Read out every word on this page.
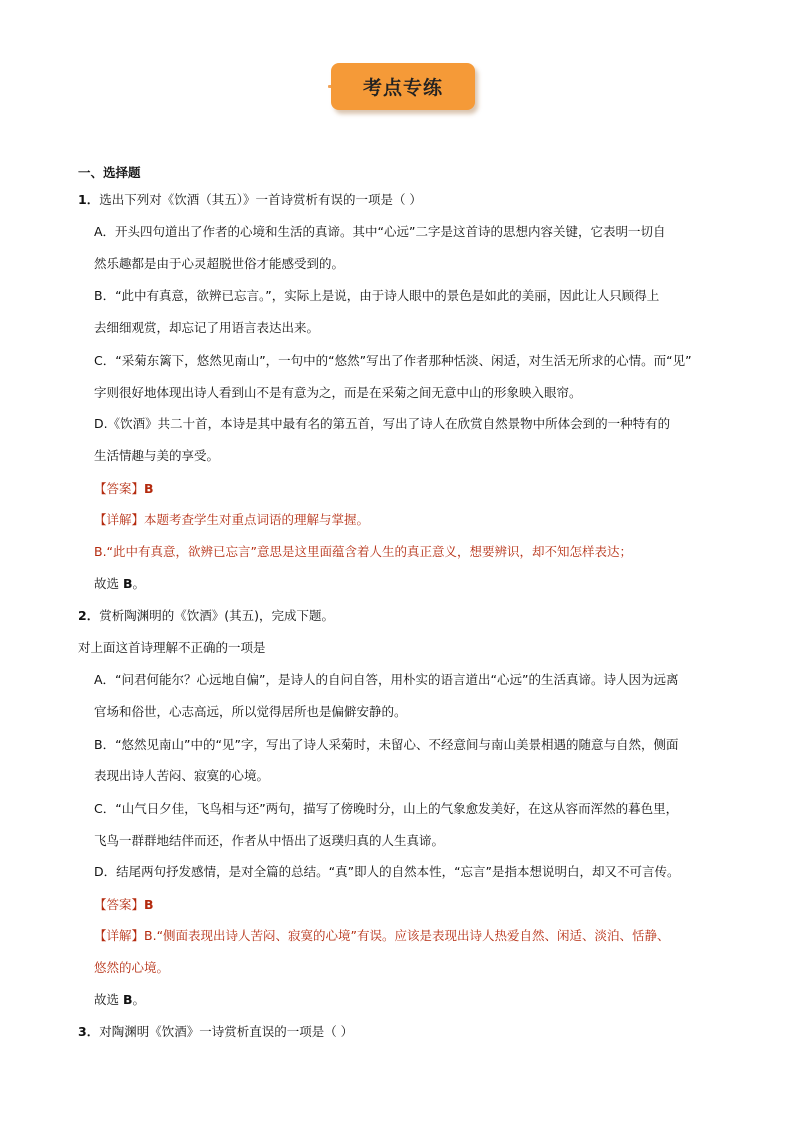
考点专练
一、选择题
1．选出下列对《饮酒（其五）》一首诗赏析有误的一项是（ ）
A．开头四句道出了作者的心境和生活的真谛。其中“心远”二字是这首诗的思想内容关键，它表明一切自
然乐趣都是由于心灵超脱世俗才能感受到的。
B．“此中有真意，欲辨已忘言。”，实际上是说，由于诗人眼中的景色是如此的美丽，因此让人只顾得上
去细细观赏，却忘记了用语言表达出来。
C．“采菊东篱下，悠然见南山”，一句中的“悠然”写出了作者那种恬淡、闲适，对生活无所求的心情。而“见”
字则很好地体现出诗人看到山不是有意为之，而是在采菊之间无意中山的形象映入眼帘。
D.《饮酒》共二十首，本诗是其中最有名的第五首，写出了诗人在欣赏自然景物中所体会到的一种特有的
生活情趣与美的享受。
【答案】B
【详解】本题考查学生对重点词语的理解与掌握。
B.“此中有真意，欲辨已忘言”意思是这里面蕴含着人生的真正意义，想要辨识，却不知怎样表达；
故选 B。
2．赏析陶渊明的《饮酒》(其五)，完成下题。
对上面这首诗理解不正确的一项是
A．“问君何能尔？心远地自偏”，是诗人的自问自答，用朴实的语言道出“心远”的生活真谛。诗人因为远离
官场和俗世，心志高远，所以觉得居所也是偏僻安静的。
B．“悠然见南山”中的“见”字，写出了诗人采菊时，未留心、不经意间与南山美景相遇的随意与自然，侧面
表现出诗人苦闷、寂寞的心境。
C．“山气日夕佳，飞鸟相与还”两句，描写了傍晚时分，山上的气象愈发美好，在这从容而浑然的暮色里，
飞鸟一群群地结伴而还，作者从中悟出了返璞归真的人生真谛。
D．结尾两句抒发感情，是对全篇的总结。“真”即人的自然本性，“忘言”是指本想说明白，却又不可言传。
【答案】B
【详解】B.“侧面表现出诗人苦闷、寂寞的心境”有误。应该是表现出诗人热爱自然、闲适、淡泊、恬静、
悠然的心境。
故选 B。
3．对陶渊明《饮酒》一诗赏析直误的一项是（ ）
